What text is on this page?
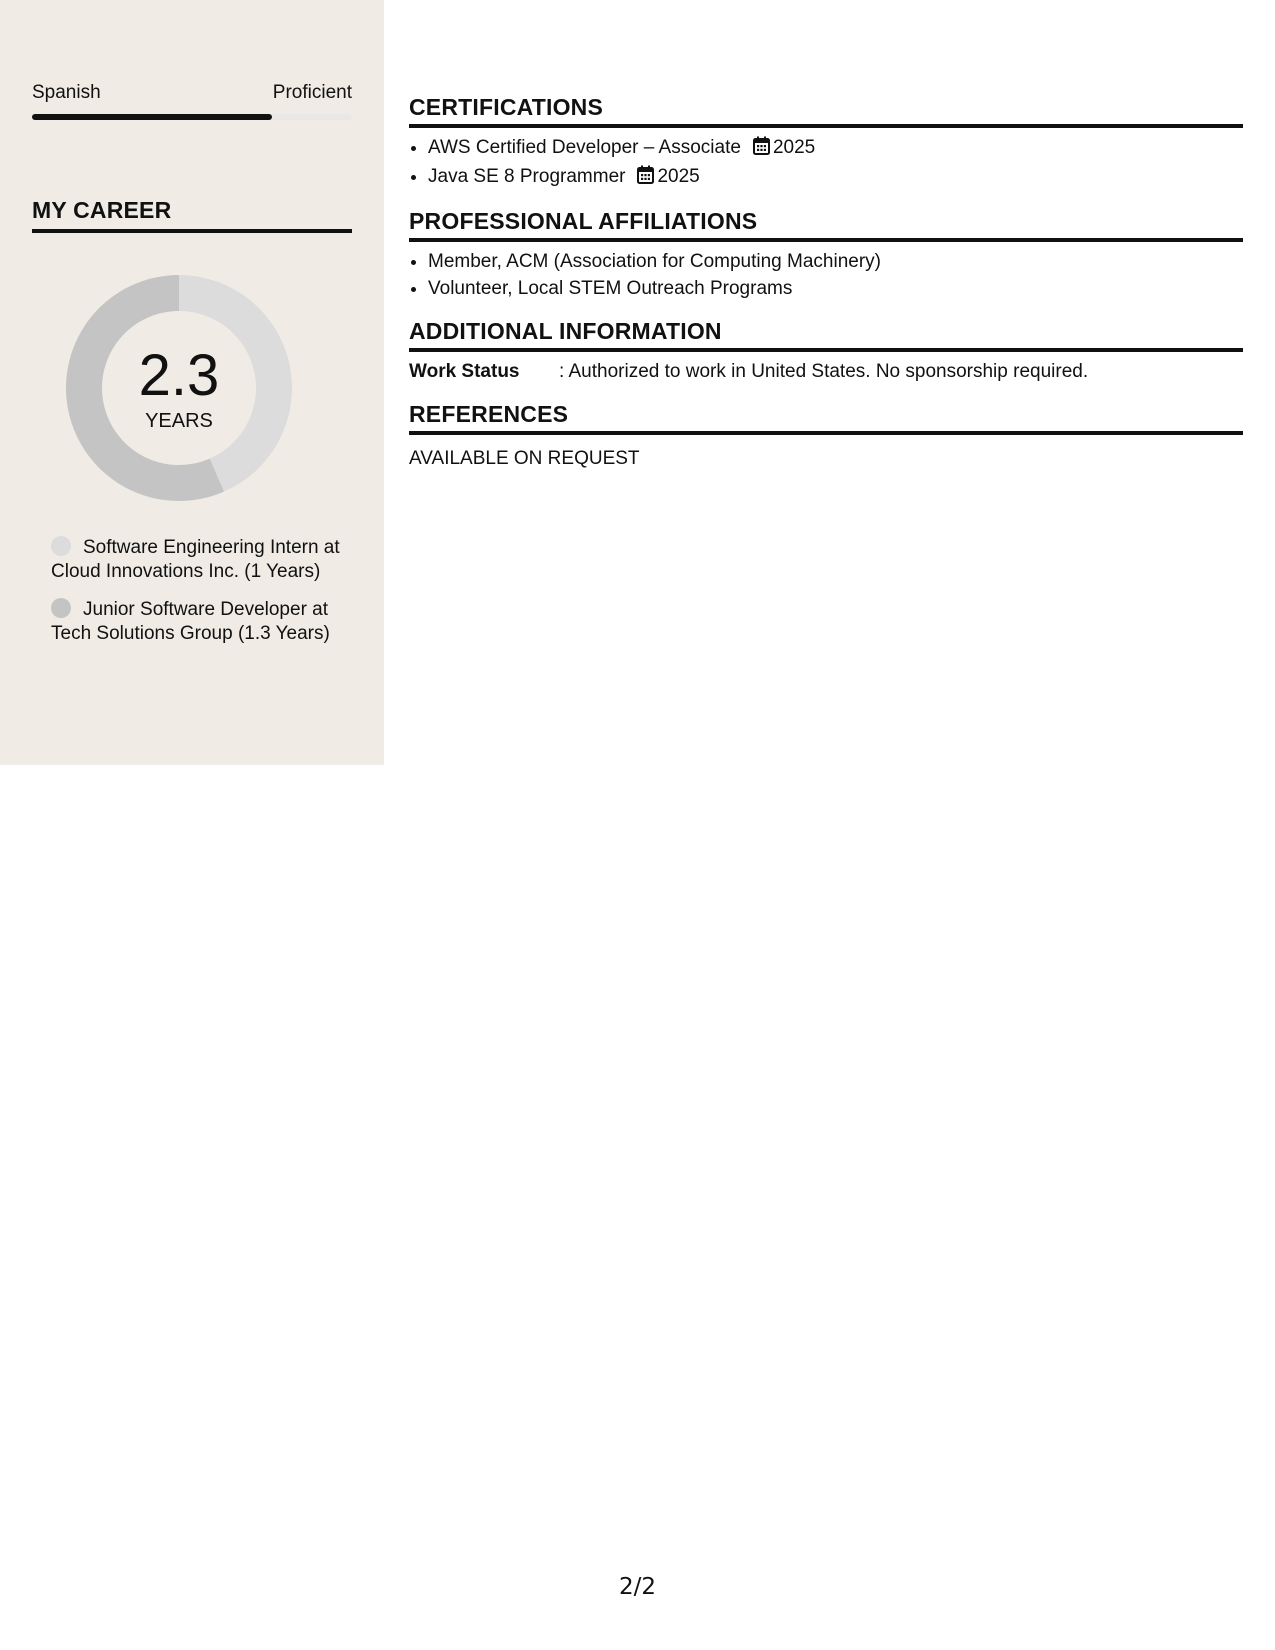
Spanish	Proficient
MY CAREER
2.3
YEARS
Software Engineering Intern at Cloud Innovations Inc. (1 Years)
Junior Software Developer at Tech Solutions Group (1.3 Years)
CERTIFICATIONS
• AWS Certified Developer – Associate 2025
• Java SE 8 Programmer 2025
PROFESSIONAL AFFILIATIONS
• Member, ACM (Association for Computing Machinery)
• Volunteer, Local STEM Outreach Programs
ADDITIONAL INFORMATION
Work Status	: Authorized to work in United States. No sponsorship required.
REFERENCES
AVAILABLE ON REQUEST
2/2
